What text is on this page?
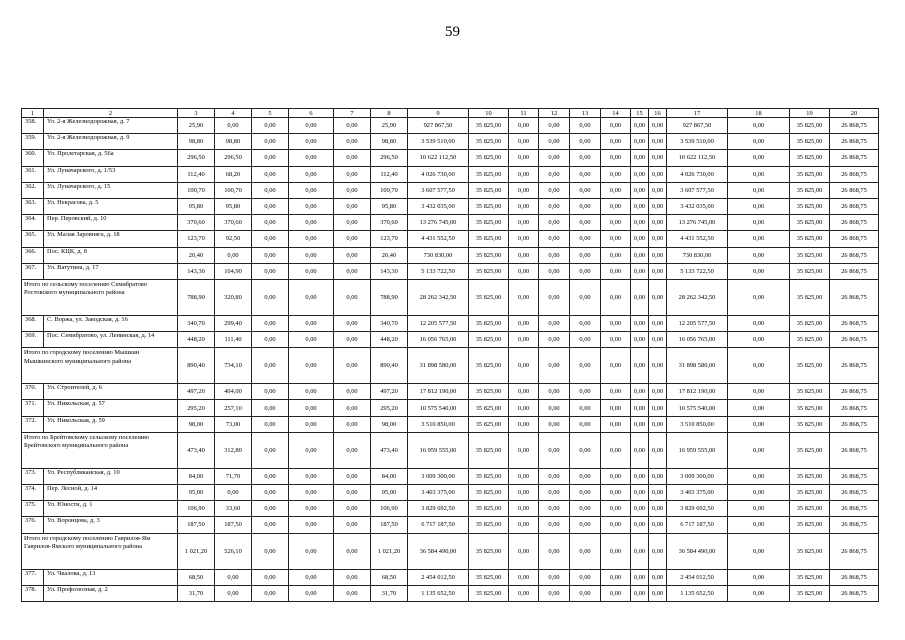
59
1	2	3	4	5	6	7	8	9	10	11	12	13	14	15	16	17	18	19	20
358.	Ул. 2-я Железнодорожная, д. 7	25,90	0,00	0,00	0,00	0,00	25,90	927 867,50	35 825,00	0,00	0,00	0,00	0,00	0,00	0,00	927 867,50	0,00	35 825,00	26 868,75
359.	Ул. 2-я Железнодорожная, д. 9	98,80	98,80	0,00	0,00	0,00	98,80	3 539 510,00	35 825,00	0,00	0,00	0,00	0,00	0,00	0,00	3 539 510,00	0,00	35 825,00	26 868,75
360.	Ул. Пролетарская, д. 56а	296,50	296,50	0,00	0,00	0,00	296,50	10 622 112,50	35 825,00	0,00	0,00	0,00	0,00	0,00	0,00	10 622 112,50	0,00	35 825,00	26 868,75
361.	Ул. Луначарского, д. 1/53	112,40	68,20	0,00	0,00	0,00	112,40	4 026 730,00	35 825,00	0,00	0,00	0,00	0,00	0,00	0,00	4 026 730,00	0,00	35 825,00	26 868,75
362.	Ул. Луначарского, д. 15	100,70	100,70	0,00	0,00	0,00	100,70	3 607 577,50	35 825,00	0,00	0,00	0,00	0,00	0,00	0,00	3 607 577,50	0,00	35 825,00	26 868,75
363.	Ул. Некрасова, д. 5	95,80	95,80	0,00	0,00	0,00	95,80	3 432 035,00	35 825,00	0,00	0,00	0,00	0,00	0,00	0,00	3 432 035,00	0,00	35 825,00	26 868,75
364.	Пер. Перовский, д. 10	370,60	370,60	0,00	0,00	0,00	370,60	13 276 745,00	35 825,00	0,00	0,00	0,00	0,00	0,00	0,00	13 276 745,00	0,00	35 825,00	26 868,75
365.	Ул. Малая Заровняга, д. 18	123,70	92,50	0,00	0,00	0,00	123,70	4 431 552,50	35 825,00	0,00	0,00	0,00	0,00	0,00	0,00	4 431 552,50	0,00	35 825,00	26 868,75
366.	Пос. КЦК, д. 8	20,40	0,00	0,00	0,00	0,00	20,40	730 830,00	35 825,00	0,00	0,00	0,00	0,00	0,00	0,00	730 830,00	0,00	35 825,00	26 868,75
367.	Ул. Ватутина, д. 17	143,30	104,90	0,00	0,00	0,00	143,30	5 133 722,50	35 825,00	0,00	0,00	0,00	0,00	0,00	0,00	5 133 722,50	0,00	35 825,00	26 868,75
Итого по сельскому поселению Семибратово Ростовского муниципального района		788,90	320,80	0,00	0,00	0,00	788,90	28 262 342,50	35 825,00	0,00	0,00	0,00	0,00	0,00	0,00	28 262 342,50	0,00	35 825,00	26 868,75
368.	С. Воржа, ул. Заводская, д. 16	340,70	299,40	0,00	0,00	0,00	340,70	12 205 577,50	35 825,00	0,00	0,00	0,00	0,00	0,00	0,00	12 205 577,50	0,00	35 825,00	26 868,75
369.	Пос. Семибратово, ул. Ленинская, д. 14	448,20	111,40	0,00	0,00	0,00	448,20	16 056 765,00	35 825,00	0,00	0,00	0,00	0,00	0,00	0,00	16 056 765,00	0,00	35 825,00	26 868,75
Итого по городскому поселению Мышкин Мышкинского муниципального района		890,40	734,10	0,00	0,00	0,00	890,40	31 898 580,00	35 825,00	0,00	0,00	0,00	0,00	0,00	0,00	31 898 580,00	0,00	35 825,00	26 868,75
370.	Ул. Строителей, д. 6	497,20	404,00	0,00	0,00	0,00	497,20	17 812 190,00	35 825,00	0,00	0,00	0,00	0,00	0,00	0,00	17 812 190,00	0,00	35 825,00	26 868,75
371.	Ул. Никольская, д. 57	295,20	257,10	0,00	0,00	0,00	295,20	10 575 540,00	35 825,00	0,00	0,00	0,00	0,00	0,00	0,00	10 575 540,00	0,00	35 825,00	26 868,75
372.	Ул. Никольская, д. 59	98,00	73,00	0,00	0,00	0,00	98,00	3 510 850,00	35 825,00	0,00	0,00	0,00	0,00	0,00	0,00	3 510 850,00	0,00	35 825,00	26 868,75
Итого по Брейтовскому сельскому поселению Брейтовского муниципального района		473,40	312,80	0,00	0,00	0,00	473,40	16 959 555,00	35 825,00	0,00	0,00	0,00	0,00	0,00	0,00	16 959 555,00	0,00	35 825,00	26 868,75
373.	Ул. Республиканская, д. 10	84,00	71,70	0,00	0,00	0,00	84,00	3 009 300,00	35 825,00	0,00	0,00	0,00	0,00	0,00	0,00	3 009 300,00	0,00	35 825,00	26 868,75
374.	Пер. Лесной, д. 14	95,00	0,00	0,00	0,00	0,00	95,00	3 403 375,00	35 825,00	0,00	0,00	0,00	0,00	0,00	0,00	3 403 375,00	0,00	35 825,00	26 868,75
375.	Ул. Юности, д. 1	106,90	33,60	0,00	0,00	0,00	106,90	3 829 692,50	35 825,00	0,00	0,00	0,00	0,00	0,00	0,00	3 829 692,50	0,00	35 825,00	26 868,75
376.	Ул. Воронцова, д. 3	187,50	187,50	0,00	0,00	0,00	187,50	6 717 187,50	35 825,00	0,00	0,00	0,00	0,00	0,00	0,00	6 717 187,50	0,00	35 825,00	26 868,75
Итого по городскому поселению Гаврилов-Ям Гаврилов-Ямского муниципального района		1 021,20	526,10	0,00	0,00	0,00	1 021,20	36 584 490,00	35 825,00	0,00	0,00	0,00	0,00	0,00	0,00	36 584 490,00	0,00	35 825,00	26 868,75
377.	Ул. Чкалова, д. 13	68,50	0,00	0,00	0,00	0,00	68,50	2 454 012,50	35 825,00	0,00	0,00	0,00	0,00	0,00	0,00	2 454 012,50	0,00	35 825,00	26 868,75
378.	Ул. Профсоюзная, д. 2	31,70	0,00	0,00	0,00	0,00	31,70	1 135 652,50	35 825,00	0,00	0,00	0,00	0,00	0,00	0,00	1 135 652,50	0,00	35 825,00	26 868,75
